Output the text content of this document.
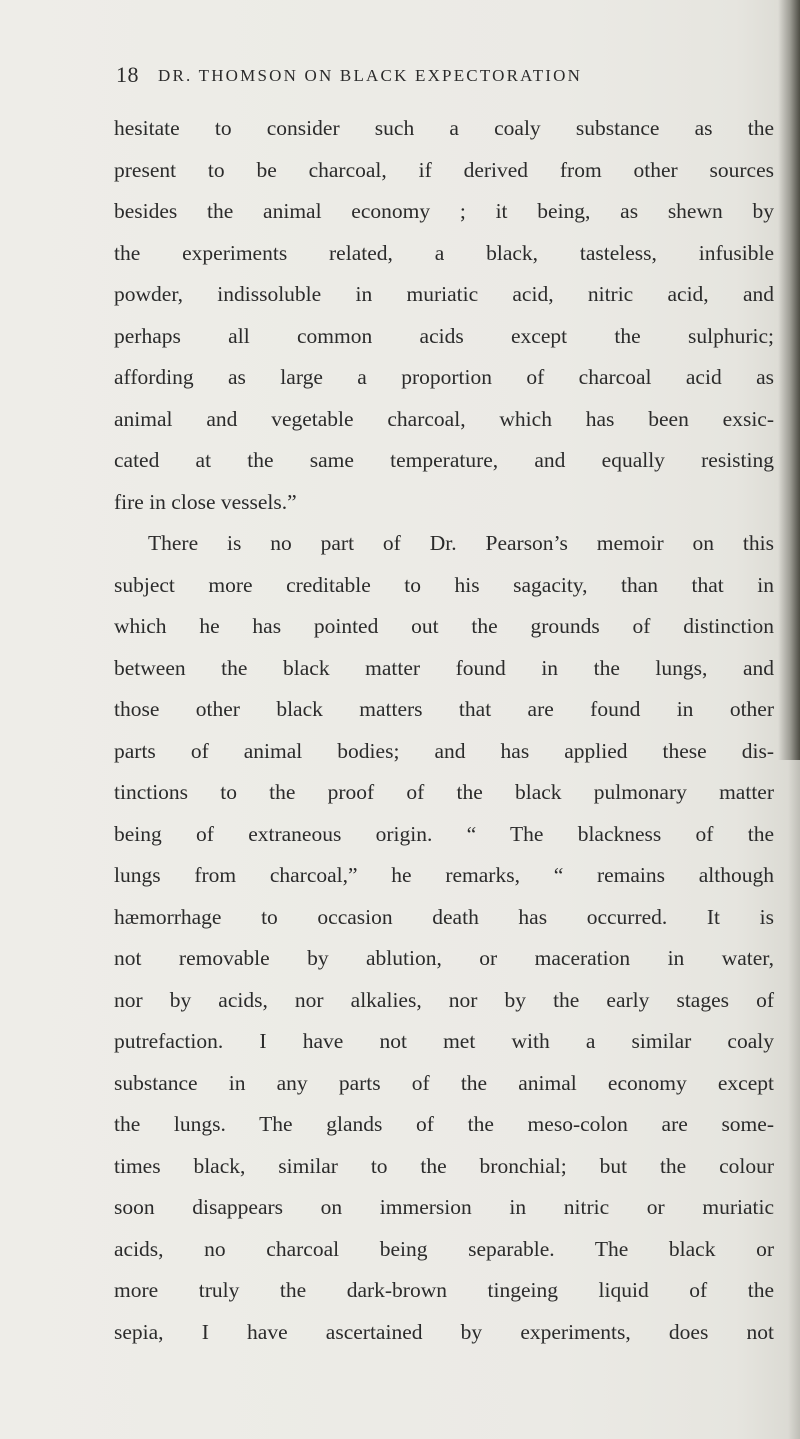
18 DR. THOMSON ON BLACK EXPECTORATION
hesitate to consider such a coaly substance as the
present to be charcoal, if derived from other sources
besides the animal economy ; it being, as shewn by
the experiments related, a black, tasteless, infusible
powder, indissoluble in muriatic acid, nitric acid, and
perhaps all common acids except the sulphuric;
affording as large a proportion of charcoal acid as
animal and vegetable charcoal, which has been exsic-
cated at the same temperature, and equally resisting
fire in close vessels.”
There is no part of Dr. Pearson’s memoir on this
subject more creditable to his sagacity, than that in
which he has pointed out the grounds of distinction
between the black matter found in the lungs, and
those other black matters that are found in other
parts of animal bodies; and has applied these dis-
tinctions to the proof of the black pulmonary matter
being of extraneous origin. “ The blackness of the
lungs from charcoal,” he remarks, “ remains although
hæmorrhage to occasion death has occurred. It is
not removable by ablution, or maceration in water,
nor by acids, nor alkalies, nor by the early stages of
putrefaction. I have not met with a similar coaly
substance in any parts of the animal economy except
the lungs. The glands of the meso-colon are some-
times black, similar to the bronchial; but the colour
soon disappears on immersion in nitric or muriatic
acids, no charcoal being separable. The black or
more truly the dark-brown tingeing liquid of the
sepia, I have ascertained by experiments, does not
